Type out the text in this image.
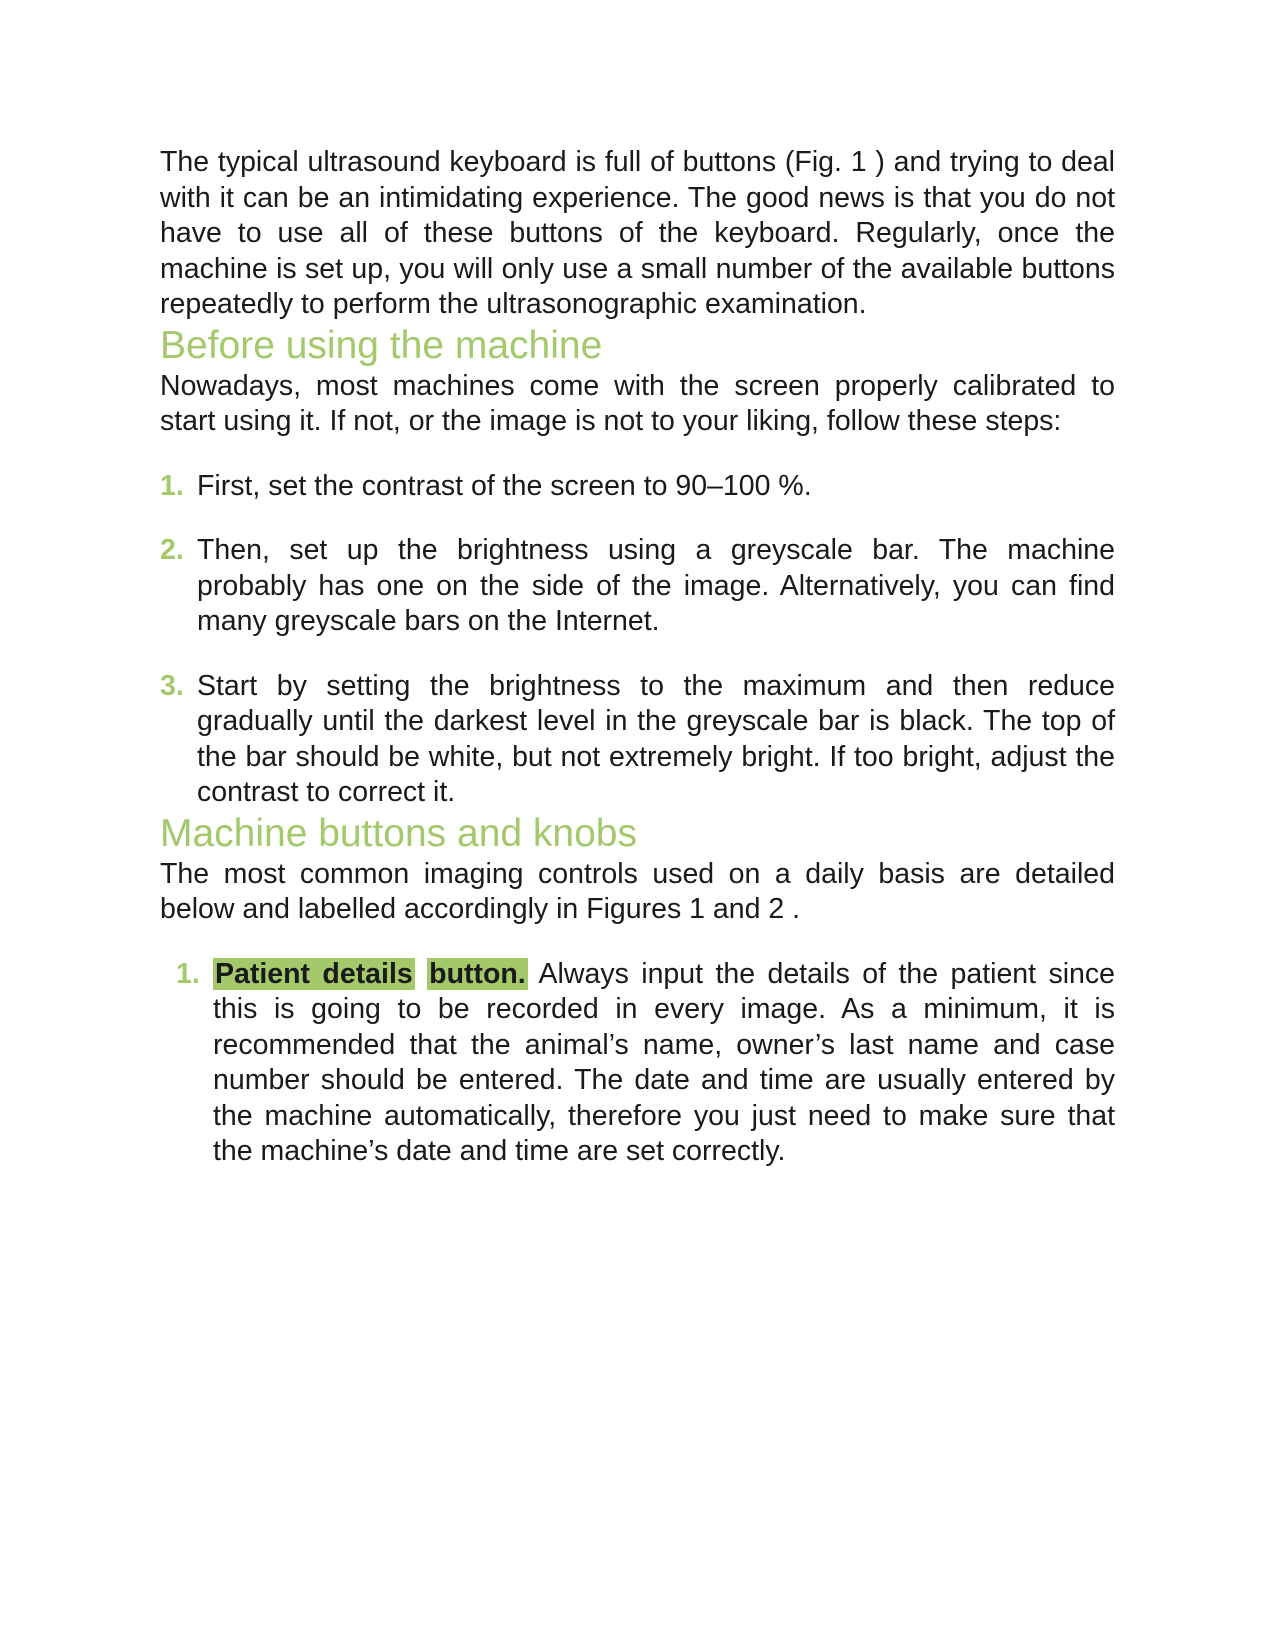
The typical ultrasound keyboard is full of buttons (Fig. 1 ) and trying to deal with it can be an intimidating experience. The good news is that you do not have to use all of these buttons of the keyboard. Regularly, once the machine is set up, you will only use a small number of the available buttons repeatedly to perform the ultrasonographic examination.

Before using the machine

Nowadays, most machines come with the screen properly calibrated to start using it. If not, or the image is not to your liking, follow these steps:

1. First, set the contrast of the screen to 90–100 %.
2. Then, set up the brightness using a greyscale bar. The machine probably has one on the side of the image. Alternatively, you can find many greyscale bars on the Internet.
3. Start by setting the brightness to the maximum and then reduce gradually until the darkest level in the greyscale bar is black. The top of the bar should be white, but not extremely bright. If too bright, adjust the contrast to correct it.
Machine buttons and knobs

The most common imaging controls used on a daily basis are detailed below and labelled accordingly in Figures 1 and 2 .

1. Patient details button. Always input the details of the patient since this is going to be recorded in every image. As a minimum, it is recommended that the animal’s name, owner’s last name and case number should be entered. The date and time are usually entered by the machine automatically, therefore you just need to make sure that the machine’s date and time are set correctly.
